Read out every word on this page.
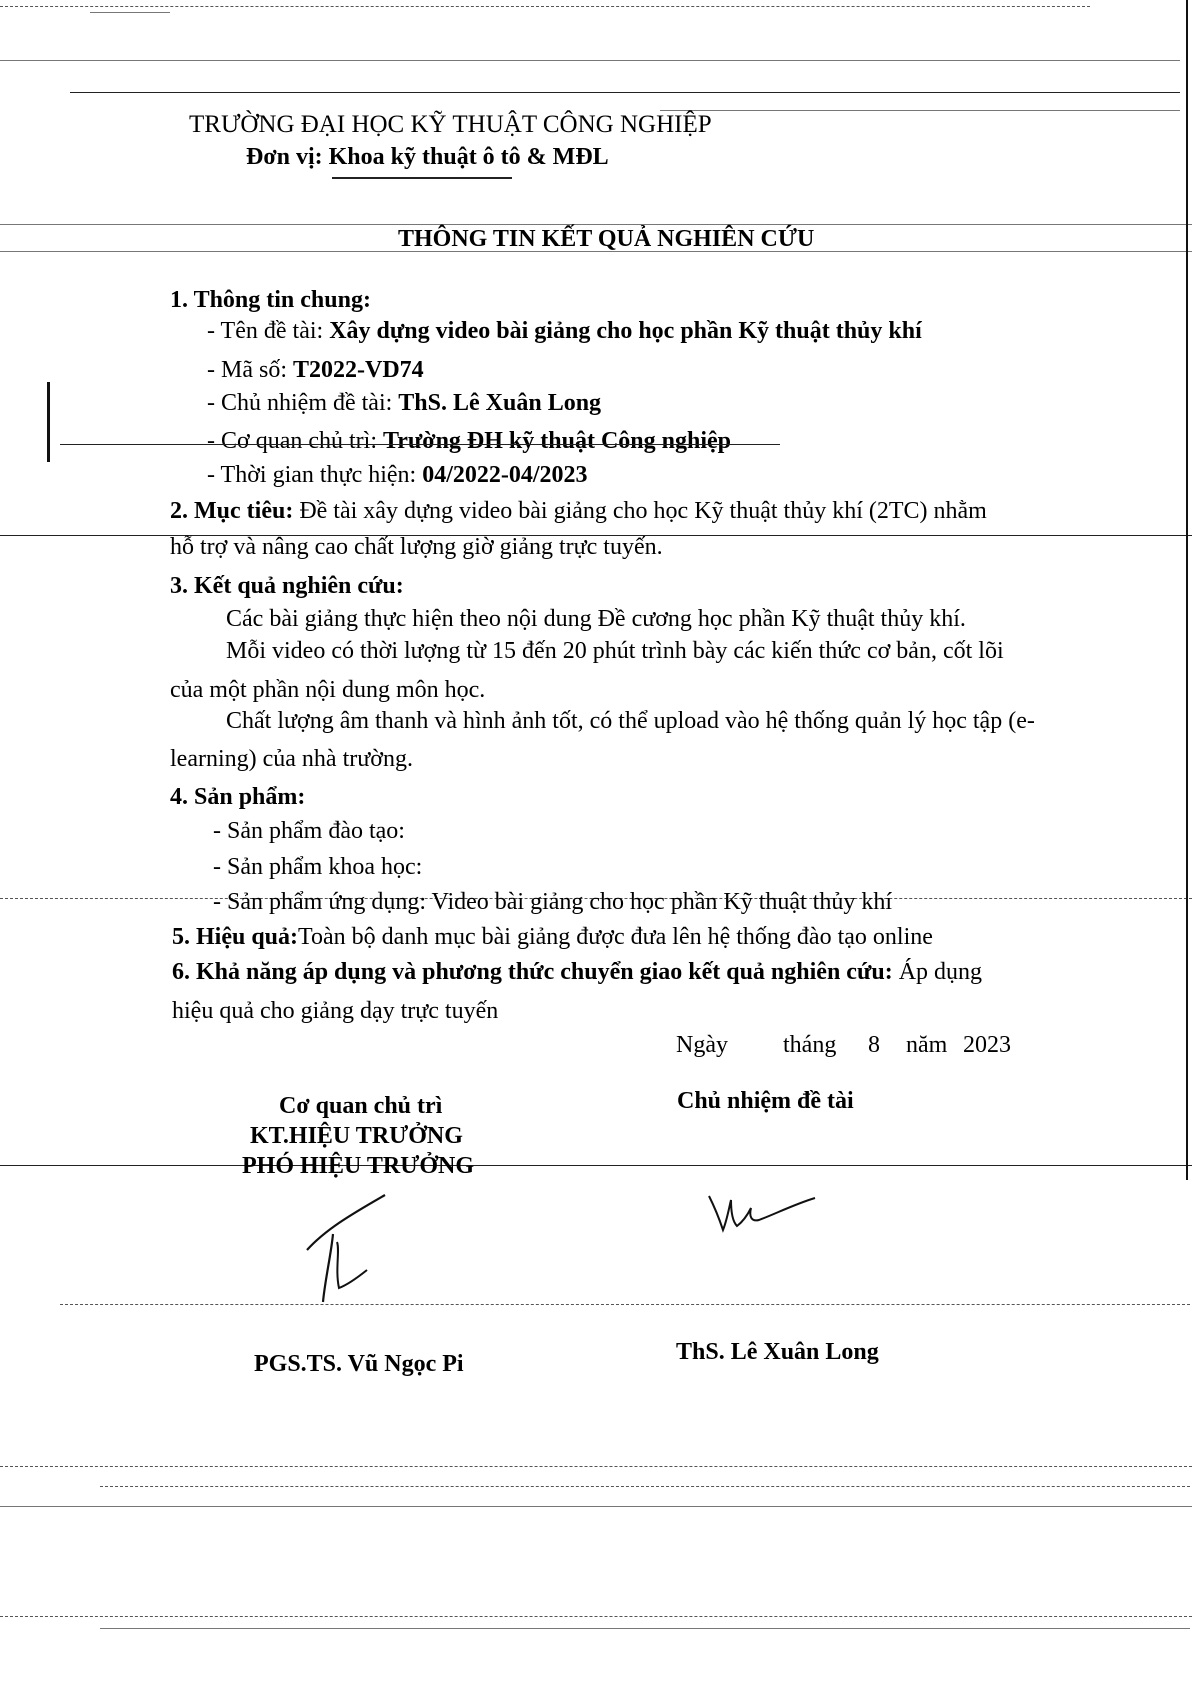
TRƯỜNG ĐẠI HỌC KỸ THUẬT CÔNG NGHIỆP
Đơn vị: Khoa kỹ thuật ô tô & MĐL
THÔNG TIN KẾT QUẢ NGHIÊN CỨU
1. Thông tin chung:
- Tên đề tài: Xây dựng video bài giảng cho học phần Kỹ thuật thủy khí
- Mã số: T2022-VD74
- Chủ nhiệm đề tài: ThS. Lê Xuân Long
- Cơ quan chủ trì: Trường ĐH kỹ thuật Công nghiệp
- Thời gian thực hiện: 04/2022-04/2023
2. Mục tiêu: Đề tài xây dựng video bài giảng cho học Kỹ thuật thủy khí (2TC) nhằm
hỗ trợ và nâng cao chất lượng giờ giảng trực tuyến.
3. Kết quả nghiên cứu:
Các bài giảng thực hiện theo nội dung Đề cương học phần Kỹ thuật thủy khí.
Mỗi video có thời lượng từ 15 đến 20 phút trình bày các kiến thức cơ bản, cốt lõi
của một phần nội dung môn học.
Chất lượng âm thanh và hình ảnh tốt, có thể upload vào hệ thống quản lý học tập (e-
learning) của nhà trường.
4. Sản phẩm:
- Sản phẩm đào tạo:
- Sản phẩm khoa học:
- Sản phẩm ứng dụng: Video bài giảng cho học phần Kỹ thuật thủy khí
5. Hiệu quả:Toàn bộ danh mục bài giảng được đưa lên hệ thống đào tạo online
6. Khả năng áp dụng và phương thức chuyển giao kết quả nghiên cứu: Áp dụng
hiệu quả cho giảng dạy trực tuyến
Ngày tháng 8 năm 2023
Cơ quan chủ trì
KT.HIỆU TRƯỞNG
PHÓ HIỆU TRƯỞNG
PGS.TS. Vũ Ngọc Pi
Chủ nhiệm đề tài
ThS. Lê Xuân Long
